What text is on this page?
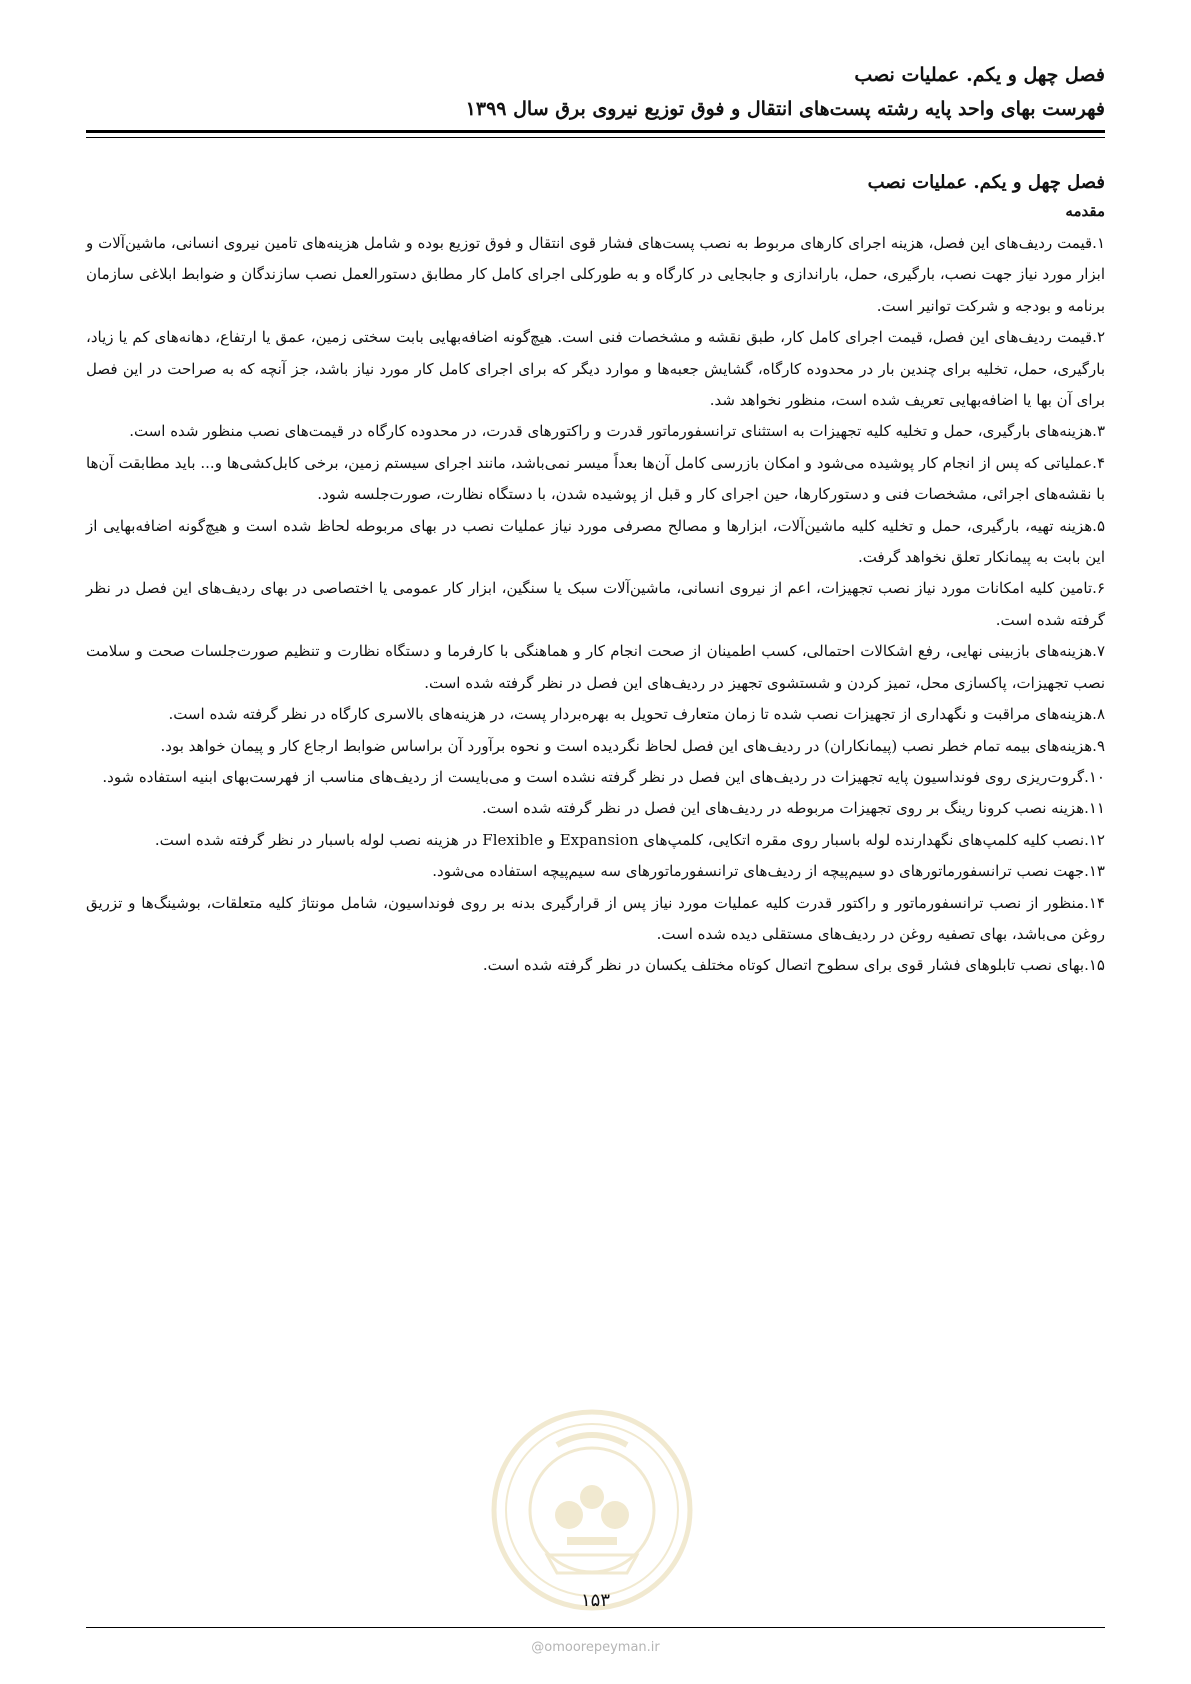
فصل چهل و یکم. عملیات نصب
فهرست بهای واحد پایه رشته پست‌های انتقال و فوق توزیع نیروی برق سال ۱۳۹۹
فصل چهل و یکم. عملیات نصب
مقدمه

۱.قیمت ردیف‌های این فصل، هزینه اجرای کارهای مربوط به نصب پست‌های فشار قوی انتقال و فوق توزیع بوده و شامل هزینه‌های تامین نیروی انسانی، ماشین‌آلات و ابزار مورد نیاز جهت نصب، بارگیری، حمل، باراندازی و جابجایی در کارگاه و به طورکلی اجرای کامل کار مطابق دستورالعمل نصب سازندگان و ضوابط ابلاغی سازمان برنامه و بودجه و شرکت توانیر است.

۲.قیمت ردیف‌های این فصل، قیمت اجرای کامل کار، طبق نقشه و مشخصات فنی است. هیچ‌گونه اضافه‌بهایی بابت سختی زمین، عمق یا ارتفاع، دهانه‌های کم یا زیاد، بارگیری، حمل، تخلیه برای چندین بار در محدوده کارگاه، گشایش جعبه‌ها و موارد دیگر که برای اجرای کامل کار مورد نیاز باشد، جز آنچه که به صراحت در این فصل برای آن بها یا اضافه‌بهایی تعریف شده است، منظور نخواهد شد.

۳.هزینه‌های بارگیری، حمل و تخلیه کلیه تجهیزات به استثنای ترانسفورماتور قدرت و راکتورهای قدرت، در محدوده کارگاه در قیمت‌های نصب منظور شده است.

۴.عملیاتی که پس از انجام کار پوشیده می‌شود و امکان بازرسی کامل آن‌ها بعداً میسر نمی‌باشد، مانند اجرای سیستم زمین، برخی کابل‌کشی‌ها و... باید مطابقت آن‌ها با نقشه‌های اجرائی، مشخصات فنی و دستورکارها، حین اجرای کار و قبل از پوشیده شدن، با دستگاه نظارت، صورت‌جلسه شود.

۵.هزینه تهیه، بارگیری، حمل و تخلیه کلیه ماشین‌آلات، ابزارها و مصالح مصرفی مورد نیاز عملیات نصب در بهای مربوطه لحاظ شده است و هیچ‌گونه اضافه‌بهایی از این بابت به پیمانکار تعلق نخواهد گرفت.

۶.تامین کلیه امکانات مورد نیاز نصب تجهیزات، اعم از نیروی انسانی، ماشین‌آلات سبک یا سنگین، ابزار کار عمومی یا اختصاصی در بهای ردیف‌های این فصل در نظر گرفته شده است.

۷.هزینه‌های بازبینی نهایی، رفع اشکالات احتمالی، کسب اطمینان از صحت انجام کار و هماهنگی با کارفرما و دستگاه نظارت و تنظیم صورت‌جلسات صحت و سلامت نصب تجهیزات، پاکسازی محل، تمیز کردن و شستشوی تجهیز در ردیف‌های این فصل در نظر گرفته شده است.

۸.هزینه‌های مراقبت و نگهداری از تجهیزات نصب شده تا زمان متعارف تحویل به بهره‌بردار پست، در هزینه‌های بالاسری کارگاه در نظر گرفته شده است.

۹.هزینه‌های بیمه تمام خطر نصب (پیمانکاران) در ردیف‌های این فصل لحاظ نگردیده است و نحوه برآورد آن براساس ضوابط ارجاع کار و پیمان خواهد بود.

۱۰.گروت‌ریزی روی فونداسیون پایه تجهیزات در ردیف‌های این فصل در نظر گرفته نشده است و می‌بایست از ردیف‌های مناسب از فهرست‌بهای ابنیه استفاده شود.

۱۱.هزینه نصب کرونا رینگ بر روی تجهیزات مربوطه در ردیف‌های این فصل در نظر گرفته شده است.

۱۲.نصب کلیه کلمپ‌های نگهدارنده لوله باسبار روی مقره اتکایی، کلمپ‌های Expansion و Flexible در هزینه نصب لوله باسبار در نظر گرفته شده است.

۱۳.جهت نصب ترانسفورماتورهای دو سیم‌پیچه از ردیف‌های ترانسفورماتورهای سه سیم‌پیچه استفاده می‌شود.

۱۴.منظور از نصب ترانسفورماتور و راکتور قدرت کلیه عملیات مورد نیاز پس از قرارگیری بدنه بر روی فونداسیون، شامل مونتاژ کلیه متعلقات، بوشینگ‌ها و تزریق روغن می‌باشد، بهای تصفیه روغن در ردیف‌های مستقلی دیده شده است.

۱۵.بهای نصب تابلوهای فشار قوی برای سطوح اتصال کوتاه مختلف یکسان در نظر گرفته شده است.

۱۵۳
@omoorepeyman.ir
